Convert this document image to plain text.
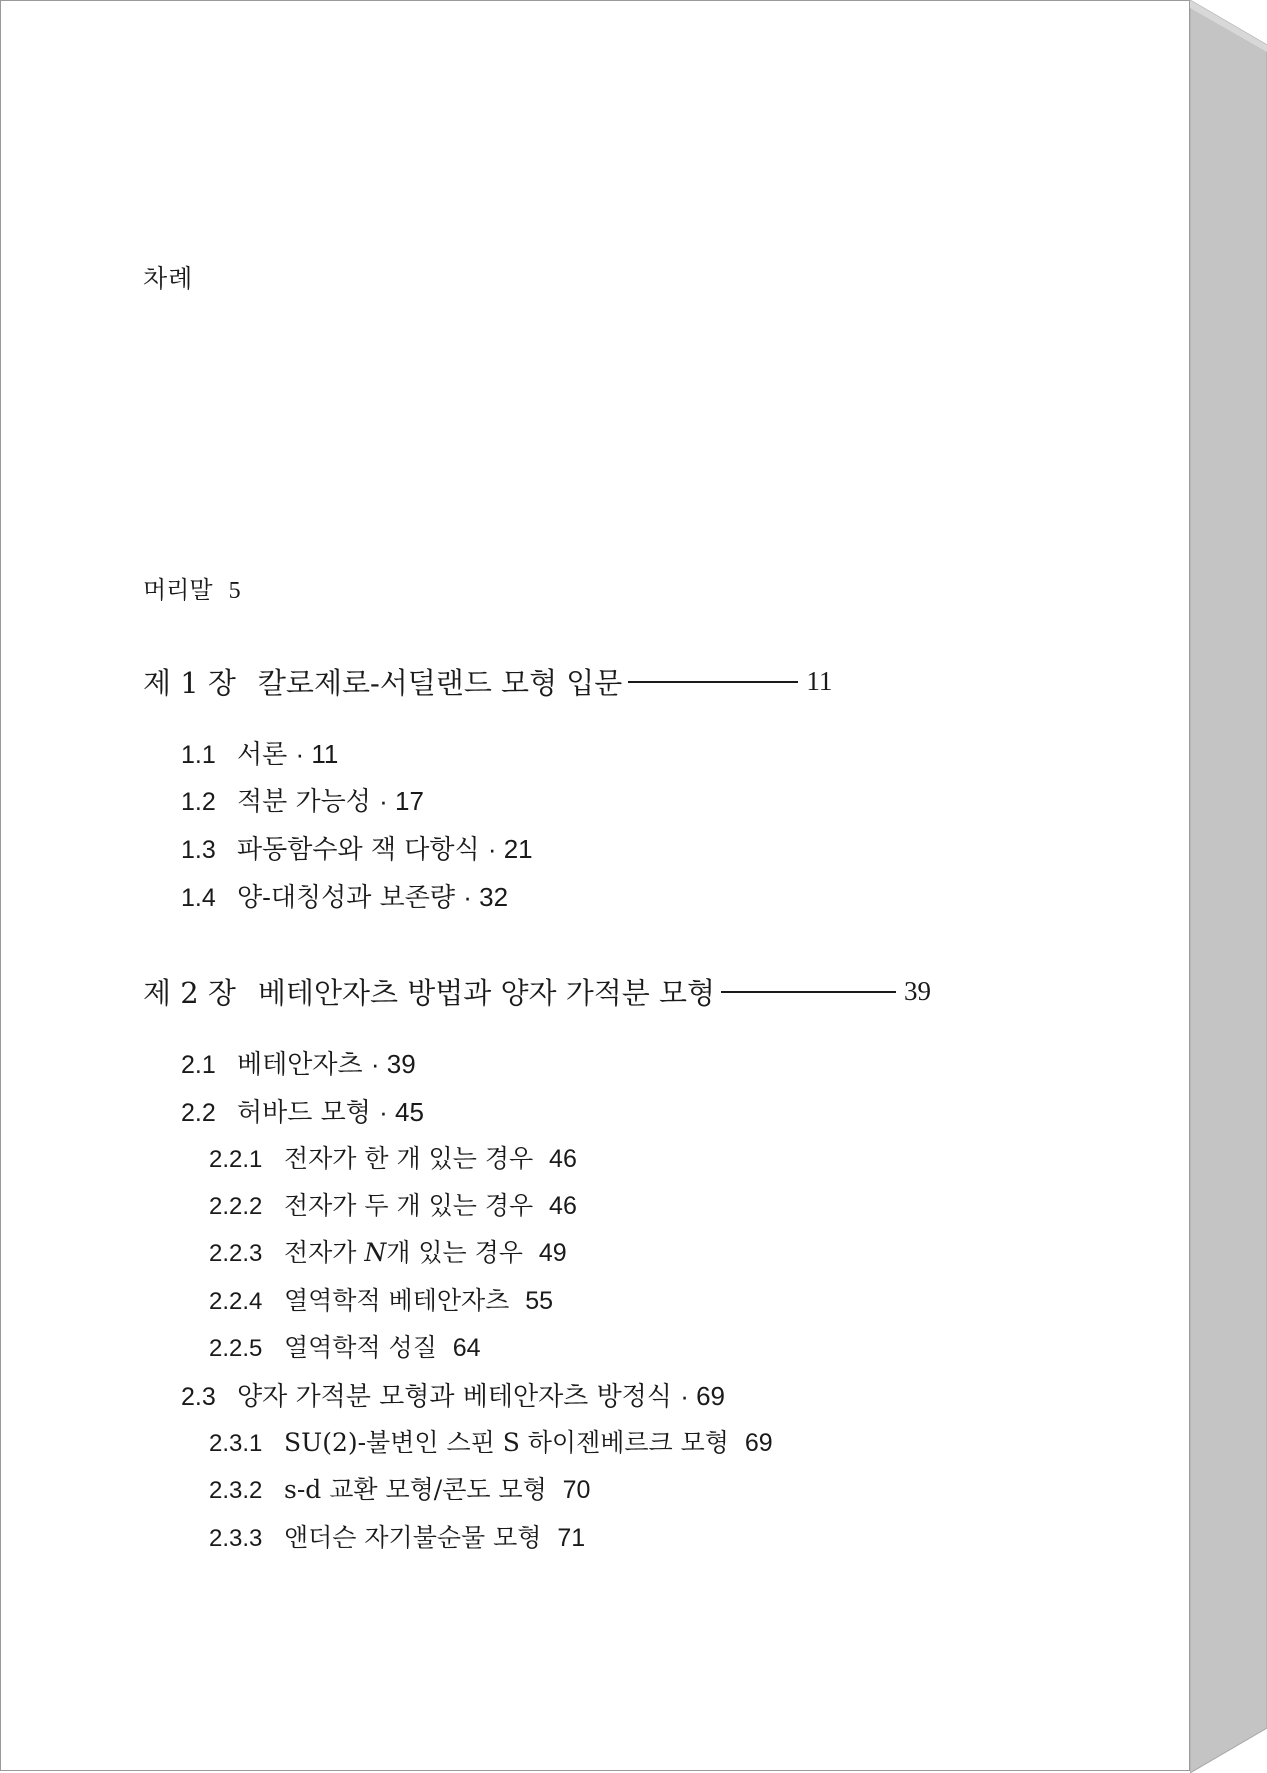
차례
머리말 5
제 1 장 칼로제로-서덜랜드 모형 입문	11
1.1 서론 · 11
1.2 적분 가능성 · 17
1.3 파동함수와 잭 다항식 · 21
1.4 양-대칭성과 보존량 · 32
제 2 장 베테안자츠 방법과 양자 가적분 모형	39
2.1 베테안자츠 · 39
2.2 허바드 모형 · 45
2.2.1 전자가 한 개 있는 경우 46
2.2.2 전자가 두 개 있는 경우 46
2.2.3 전자가 N개 있는 경우 49
2.2.4 열역학적 베테안자츠 55
2.2.5 열역학적 성질 64
2.3 양자 가적분 모형과 베테안자츠 방정식 · 69
2.3.1 SU(2)-불변인 스핀 S 하이젠베르크 모형 69
2.3.2 s-d 교환 모형/콘도 모형 70
2.3.3 앤더슨 자기불순물 모형 71
